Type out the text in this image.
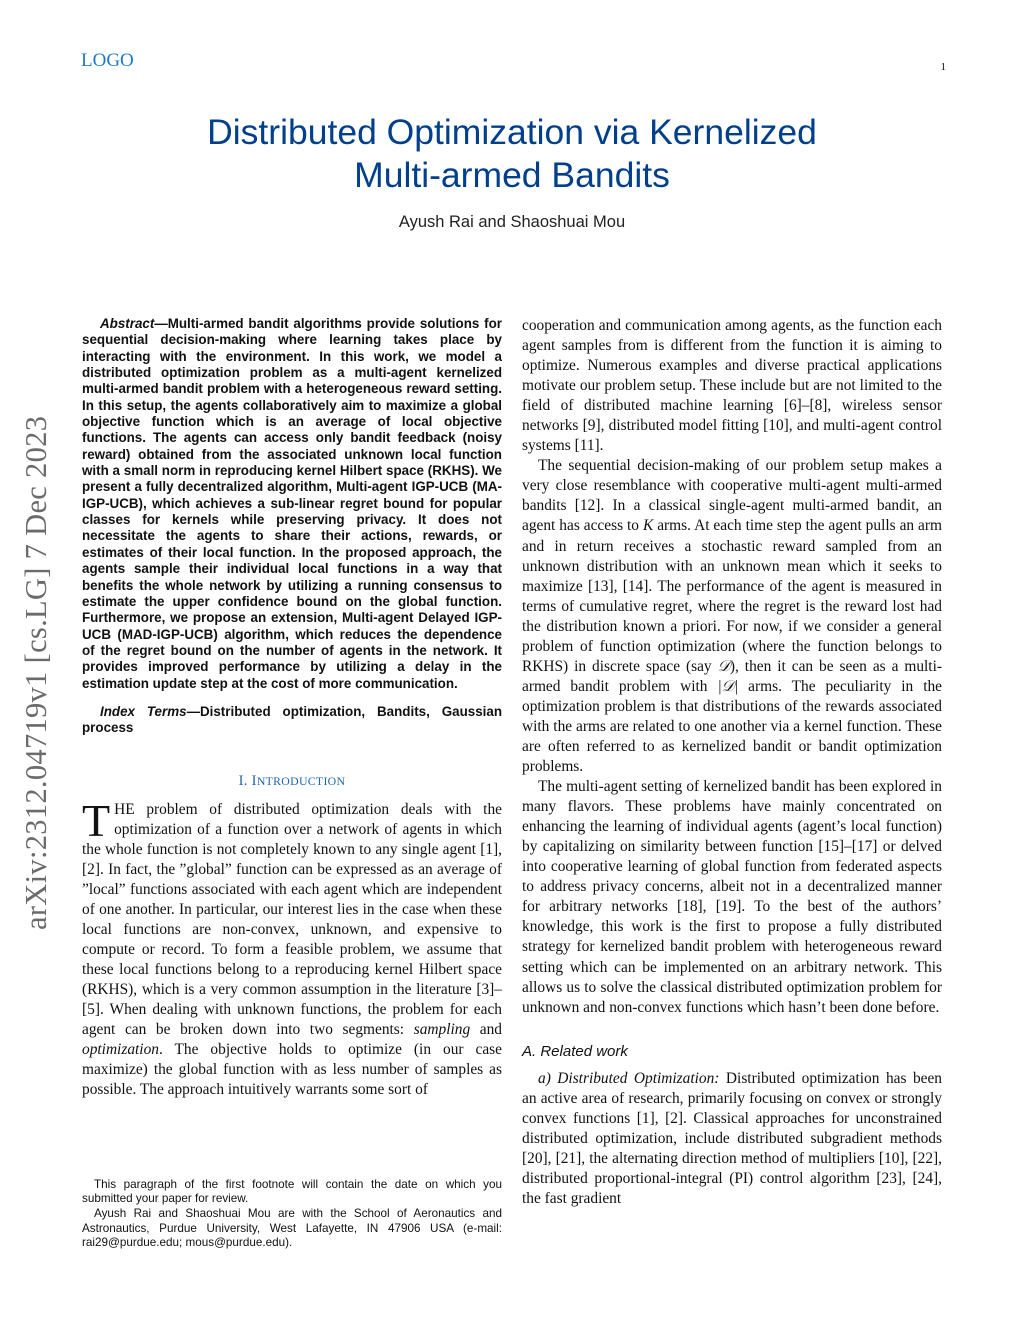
LOGO	1
Distributed Optimization via Kernelized
Multi-armed Bandits
Ayush Rai and Shaoshuai Mou
arXiv:2312.04719v1 [cs.LG] 7 Dec 2023

Abstract—Multi-armed bandit algorithms provide solutions for sequential decision-making where learning takes place by interacting with the environment. In this work, we model a distributed optimization problem as a multi-agent kernelized multi-armed bandit problem with a heterogeneous reward setting. In this setup, the agents collaboratively aim to maximize a global objective function which is an average of local objective functions. The agents can access only bandit feedback (noisy reward) obtained from the associated unknown local function with a small norm in reproducing kernel Hilbert space (RKHS). We present a fully decentralized algorithm, Multi-agent IGP-UCB (MA-IGP-UCB), which achieves a sub-linear regret bound for popular classes for kernels while preserving privacy. It does not necessitate the agents to share their actions, rewards, or estimates of their local function. In the proposed approach, the agents sample their individual local functions in a way that benefits the whole network by utilizing a running consensus to estimate the upper confidence bound on the global function. Furthermore, we propose an extension, Multi-agent Delayed IGP-UCB (MAD-IGP-UCB) algorithm, which reduces the dependence of the regret bound on the number of agents in the network. It provides improved performance by utilizing a delay in the estimation update step at the cost of more communication.

Index Terms—Distributed optimization, Bandits, Gaussian process

I. INTRODUCTION

THE problem of distributed optimization deals with the optimization of a function over a network of agents in which the whole function is not completely known to any single agent [1], [2]. In fact, the ”global” function can be expressed as an average of ”local” functions associated with each agent which are independent of one another. In particular, our interest lies in the case when these local functions are non-convex, unknown, and expensive to compute or record. To form a feasible problem, we assume that these local functions belong to a reproducing kernel Hilbert space (RKHS), which is a very common assumption in the literature [3]–[5]. When dealing with unknown functions, the problem for each agent can be broken down into two segments: sampling and optimization. The objective holds to optimize (in our case maximize) the global function with as less number of samples as possible. The approach intuitively warrants some sort of

This paragraph of the first footnote will contain the date on which you submitted your paper for review.

Ayush Rai and Shaoshuai Mou are with the School of Aeronautics and Astronautics, Purdue University, West Lafayette, IN 47906 USA (e-mail: rai29@purdue.edu; mous@purdue.edu).

cooperation and communication among agents, as the function each agent samples from is different from the function it is aiming to optimize. Numerous examples and diverse practical applications motivate our problem setup. These include but are not limited to the field of distributed machine learning [6]–[8], wireless sensor networks [9], distributed model fitting [10], and multi-agent control systems [11].

The sequential decision-making of our problem setup makes a very close resemblance with cooperative multi-agent multi-armed bandits [12]. In a classical single-agent multi-armed bandit, an agent has access to K arms. At each time step the agent pulls an arm and in return receives a stochastic reward sampled from an unknown distribution with an unknown mean which it seeks to maximize [13], [14]. The performance of the agent is measured in terms of cumulative regret, where the regret is the reward lost had the distribution known a priori. For now, if we consider a general problem of function optimization (where the function belongs to RKHS) in discrete space (say 𝒟), then it can be seen as a multi-armed bandit problem with |𝒟| arms. The peculiarity in the optimization problem is that distributions of the rewards associated with the arms are related to one another via a kernel function. These are often referred to as kernelized bandit or bandit optimization problems.

The multi-agent setting of kernelized bandit has been explored in many flavors. These problems have mainly concentrated on enhancing the learning of individual agents (agent’s local function) by capitalizing on similarity between function [15]–[17] or delved into cooperative learning of global function from federated aspects to address privacy concerns, albeit not in a decentralized manner for arbitrary networks [18], [19]. To the best of the authors’ knowledge, this work is the first to propose a fully distributed strategy for kernelized bandit problem with heterogeneous reward setting which can be implemented on an arbitrary network. This allows us to solve the classical distributed optimization problem for unknown and non-convex functions which hasn’t been done before.

A. Related work

a) Distributed Optimization: Distributed optimization has been an active area of research, primarily focusing on convex or strongly convex functions [1], [2]. Classical approaches for unconstrained distributed optimization, include distributed subgradient methods [20], [21], the alternating direction method of multipliers [10], [22], distributed proportional-integral (PI) control algorithm [23], [24], the fast gradient
